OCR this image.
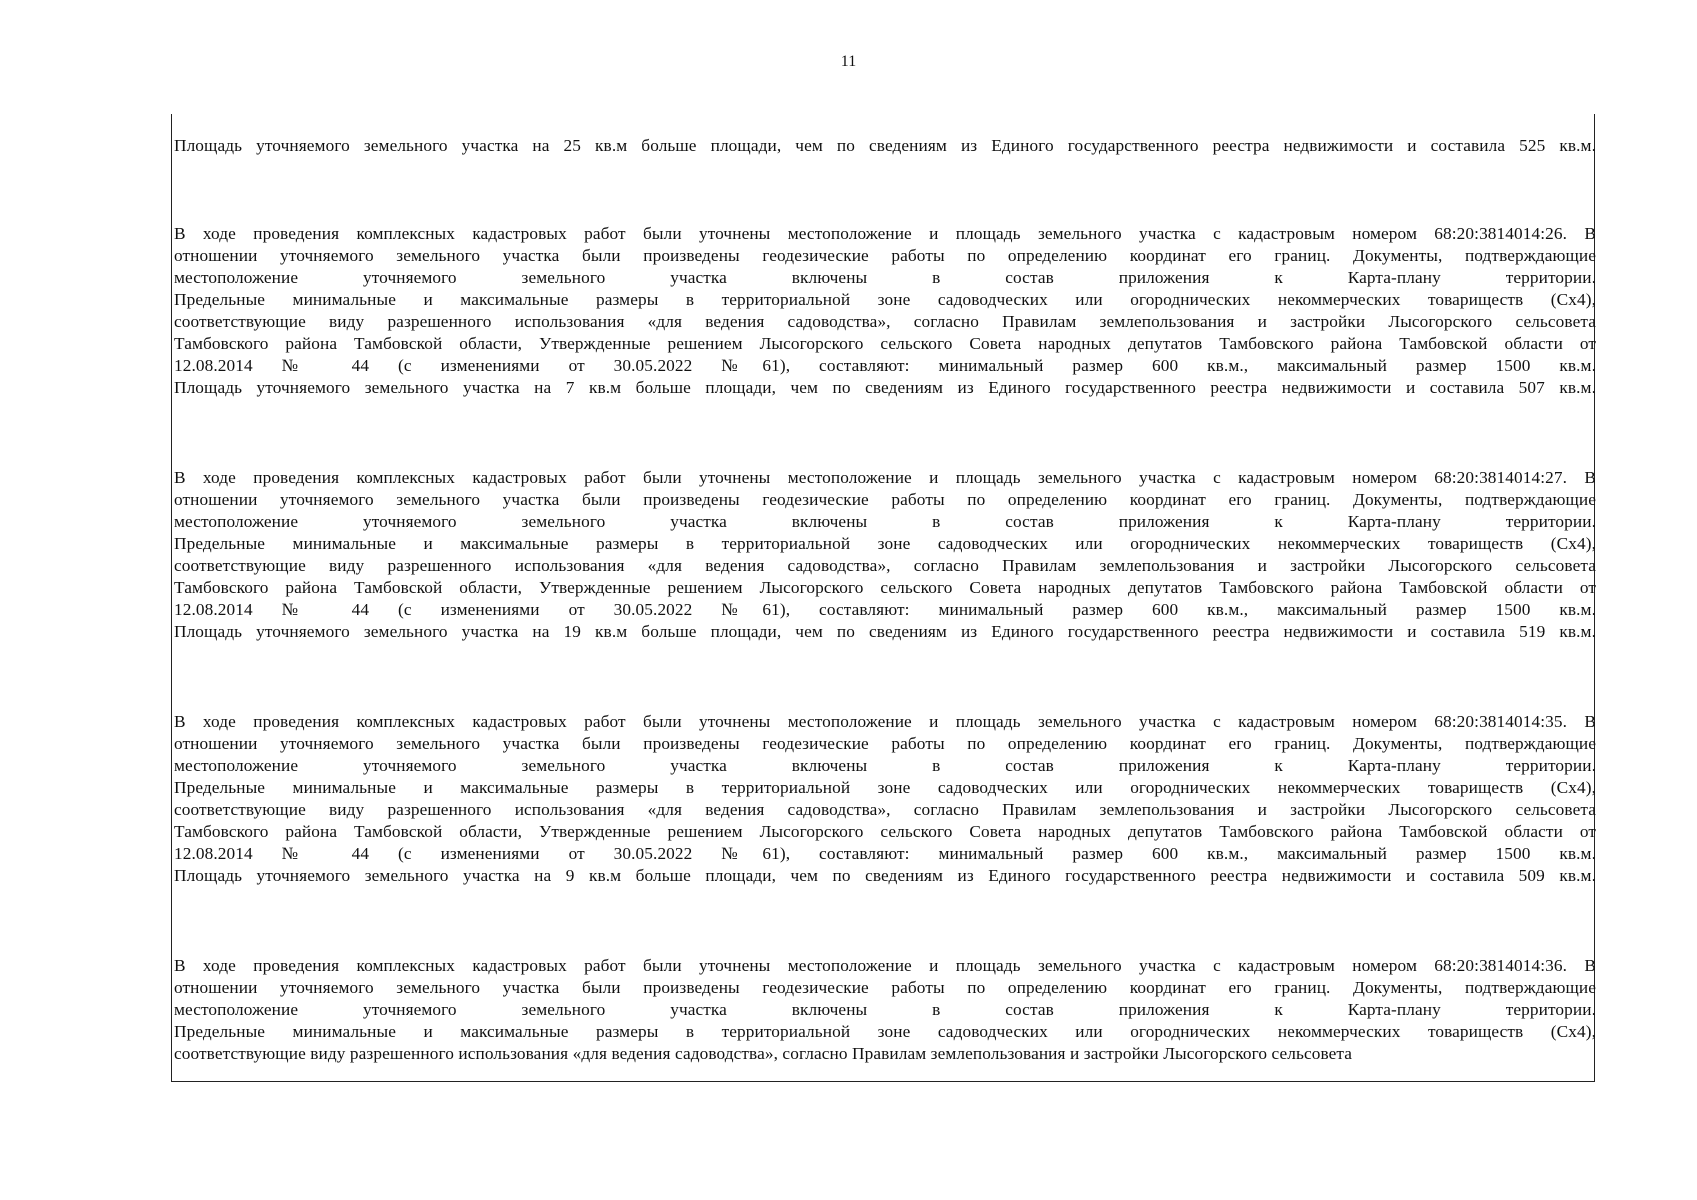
11
Площадь уточняемого земельного участка на 25 кв.м больше площади, чем по сведениям из Единого государственного реестра недвижимости и составила 525 кв.м.
В ходе проведения комплексных кадастровых работ были уточнены местоположение и площадь земельного участка с кадастровым номером 68:20:3814014:26. В
отношении уточняемого земельного участка были произведены геодезические работы по определению координат его границ. Документы, подтверждающие
местоположение уточняемого земельного участка включены в состав приложения к Карта-плану территории.
Предельные минимальные и максимальные размеры в территориальной зоне садоводческих или огороднических некоммерческих товариществ (Сх4),
соответствующие виду разрешенного использования «для ведения садоводства», согласно Правилам землепользования и застройки Лысогорского сельсовета
Тамбовского района Тамбовской области, Утвержденные решением Лысогорского сельского Совета народных депутатов Тамбовского района Тамбовской области от
12.08.2014 № 44 (с изменениями от 30.05.2022 №61), составляют: минимальный размер 600 кв.м., максимальный размер 1500 кв.м.
Площадь уточняемого земельного участка на 7 кв.м больше площади, чем по сведениям из Единого государственного реестра недвижимости и составила 507 кв.м.
В ходе проведения комплексных кадастровых работ были уточнены местоположение и площадь земельного участка с кадастровым номером 68:20:3814014:27. В
отношении уточняемого земельного участка были произведены геодезические работы по определению координат его границ. Документы, подтверждающие
местоположение уточняемого земельного участка включены в состав приложения к Карта-плану территории.
Предельные минимальные и максимальные размеры в территориальной зоне садоводческих или огороднических некоммерческих товариществ (Сх4),
соответствующие виду разрешенного использования «для ведения садоводства», согласно Правилам землепользования и застройки Лысогорского сельсовета
Тамбовского района Тамбовской области, Утвержденные решением Лысогорского сельского Совета народных депутатов Тамбовского района Тамбовской области от
12.08.2014 № 44 (с изменениями от 30.05.2022 №61), составляют: минимальный размер 600 кв.м., максимальный размер 1500 кв.м.
Площадь уточняемого земельного участка на 19 кв.м больше площади, чем по сведениям из Единого государственного реестра недвижимости и составила 519 кв.м.
В ходе проведения комплексных кадастровых работ были уточнены местоположение и площадь земельного участка с кадастровым номером 68:20:3814014:35. В
отношении уточняемого земельного участка были произведены геодезические работы по определению координат его границ. Документы, подтверждающие
местоположение уточняемого земельного участка включены в состав приложения к Карта-плану территории.
Предельные минимальные и максимальные размеры в территориальной зоне садоводческих или огороднических некоммерческих товариществ (Сх4),
соответствующие виду разрешенного использования «для ведения садоводства», согласно Правилам землепользования и застройки Лысогорского сельсовета
Тамбовского района Тамбовской области, Утвержденные решением Лысогорского сельского Совета народных депутатов Тамбовского района Тамбовской области от
12.08.2014 № 44 (с изменениями от 30.05.2022 №61), составляют: минимальный размер 600 кв.м., максимальный размер 1500 кв.м.
Площадь уточняемого земельного участка на 9 кв.м больше площади, чем по сведениям из Единого государственного реестра недвижимости и составила 509 кв.м.
В ходе проведения комплексных кадастровых работ были уточнены местоположение и площадь земельного участка с кадастровым номером 68:20:3814014:36. В
отношении уточняемого земельного участка были произведены геодезические работы по определению координат его границ. Документы, подтверждающие
местоположение уточняемого земельного участка включены в состав приложения к Карта-плану территории.
Предельные минимальные и максимальные размеры в территориальной зоне садоводческих или огороднических некоммерческих товариществ (Сх4),
соответствующие виду разрешенного использования «для ведения садоводства», согласно Правилам землепользования и застройки Лысогорского сельсовета
